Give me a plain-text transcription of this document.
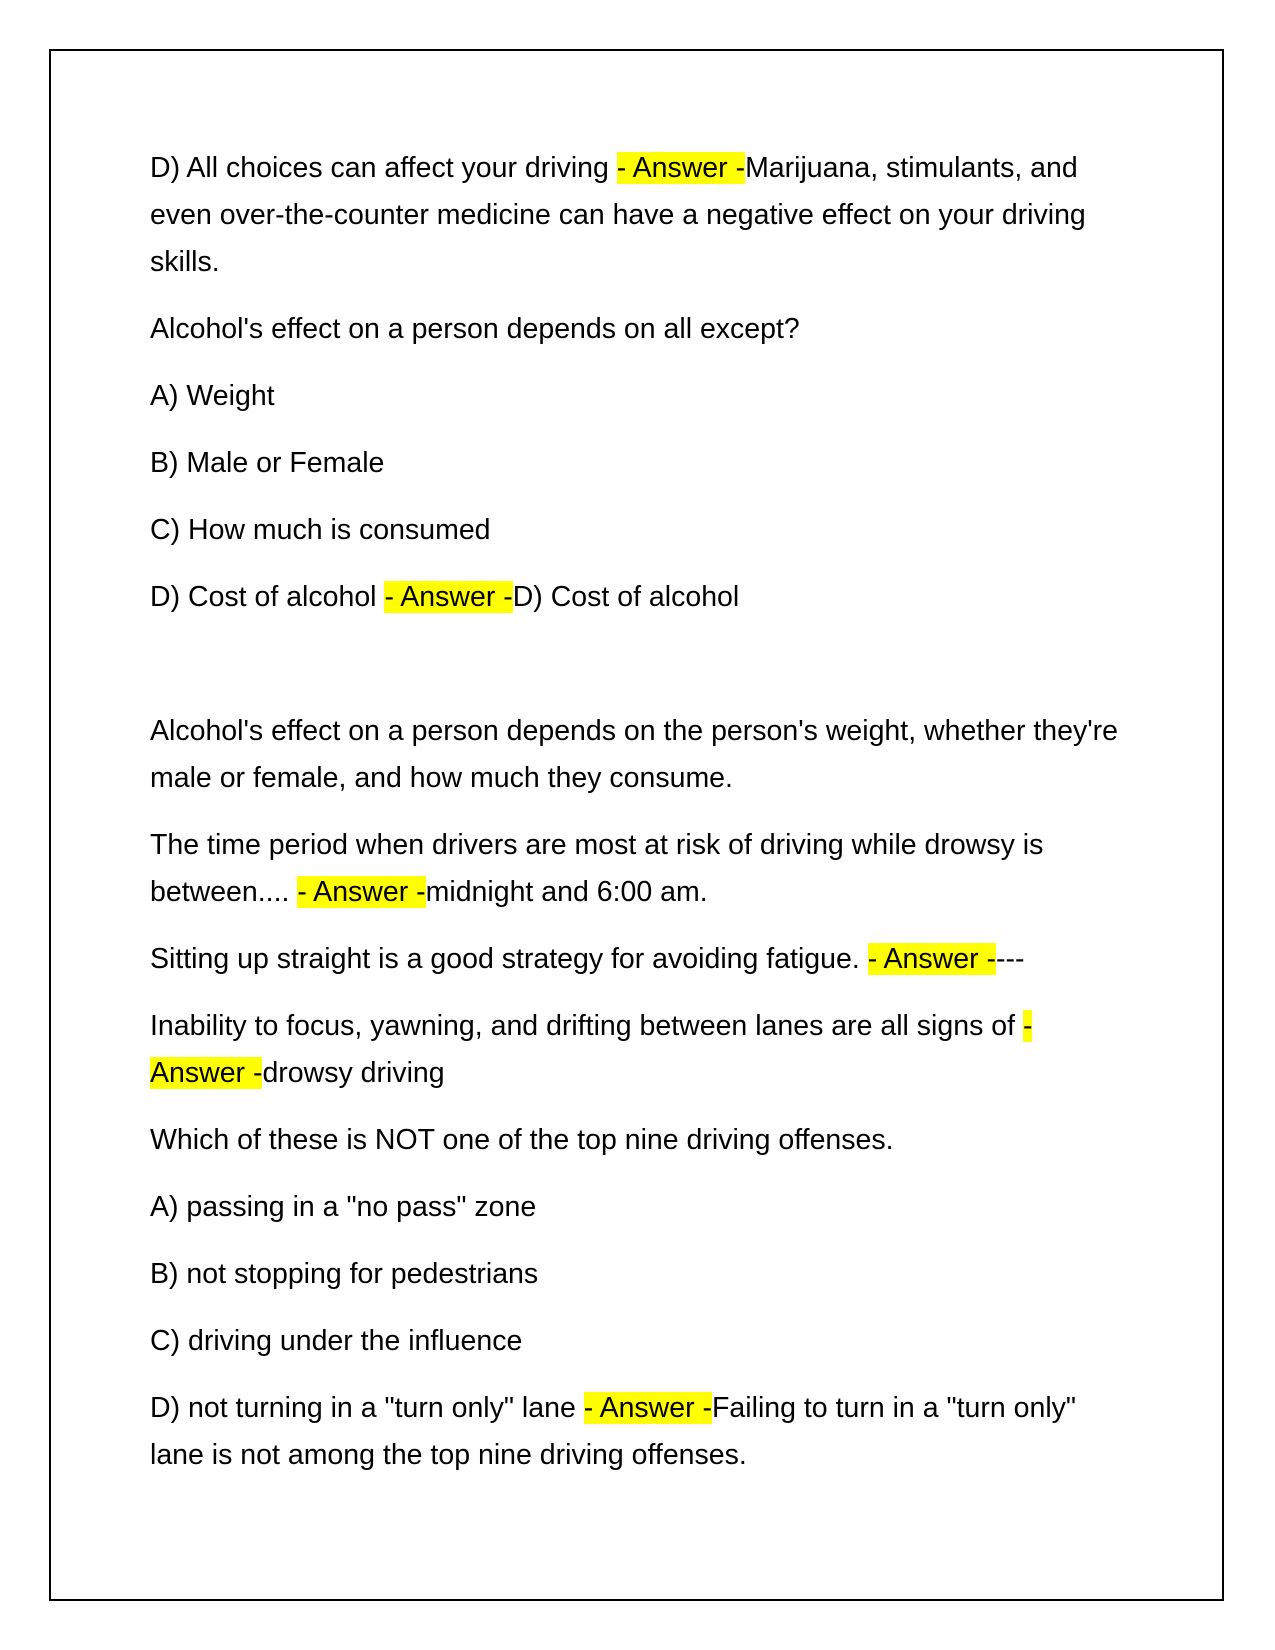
D) All choices can affect your driving - Answer -Marijuana, stimulants, and even over-the-counter medicine can have a negative effect on your driving skills.

Alcohol's effect on a person depends on all except?

A) Weight

B) Male or Female

C) How much is consumed

D) Cost of alcohol - Answer -D) Cost of alcohol

Alcohol's effect on a person depends on the person's weight, whether they're male or female, and how much they consume.

The time period when drivers are most at risk of driving while drowsy is between.... - Answer -midnight and 6:00 am.

Sitting up straight is a good strategy for avoiding fatigue. - Answer ----

Inability to focus, yawning, and drifting between lanes are all signs of - Answer -drowsy driving

Which of these is NOT one of the top nine driving offenses.

A) passing in a "no pass" zone

B) not stopping for pedestrians

C) driving under the influence

D) not turning in a "turn only" lane - Answer -Failing to turn in a "turn only" lane is not among the top nine driving offenses.
